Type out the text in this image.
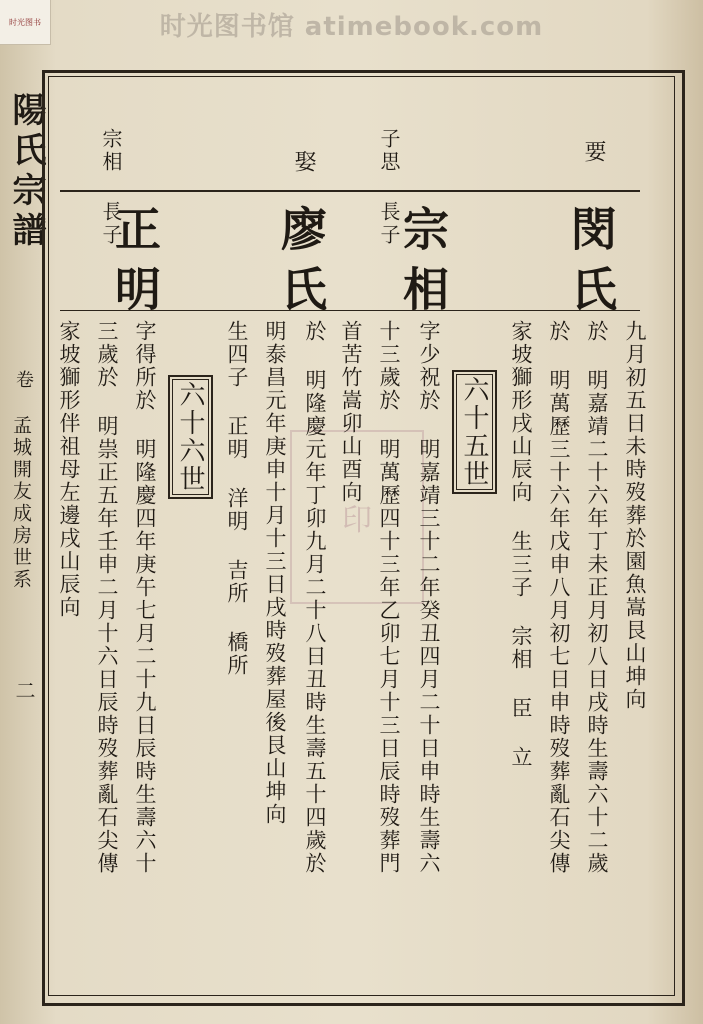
时光图书	时光图书馆 atimebook.com
陽氏宗譜
卷
孟城開友成房世系
二
要
子思 長子
娶
宗相 長子
閔氏
宗相
廖氏
正明
六十五世
六十六世
印	九月初五日未時歿葬於園魚嵩艮山坤向
於 明嘉靖二十六年丁未正月初八日戌時生壽六十二歲
於 明萬歷三十六年戊申八月初七日申時歿葬亂石尖傳
家坡獅形戌山辰向 生三子 宗相 臣 立
字少祝於 明嘉靖三十二年癸丑四月二十日申時生壽六
十三歲於 明萬歷四十三年乙卯七月十三日辰時歿葬門
首苦竹嵩卯山酉向
於 明隆慶元年丁卯九月二十八日丑時生壽五十四歲於
明泰昌元年庚申十月十三日戌時歿葬屋後艮山坤向
生四子 正明 洋明 吉所 橋所
字得所於 明隆慶四年庚午七月二十九日辰時生壽六十
三歲於 明祟正五年壬申二月十六日辰時歿葬亂石尖傳
家坡獅形伴祖母左邊戌山辰向
